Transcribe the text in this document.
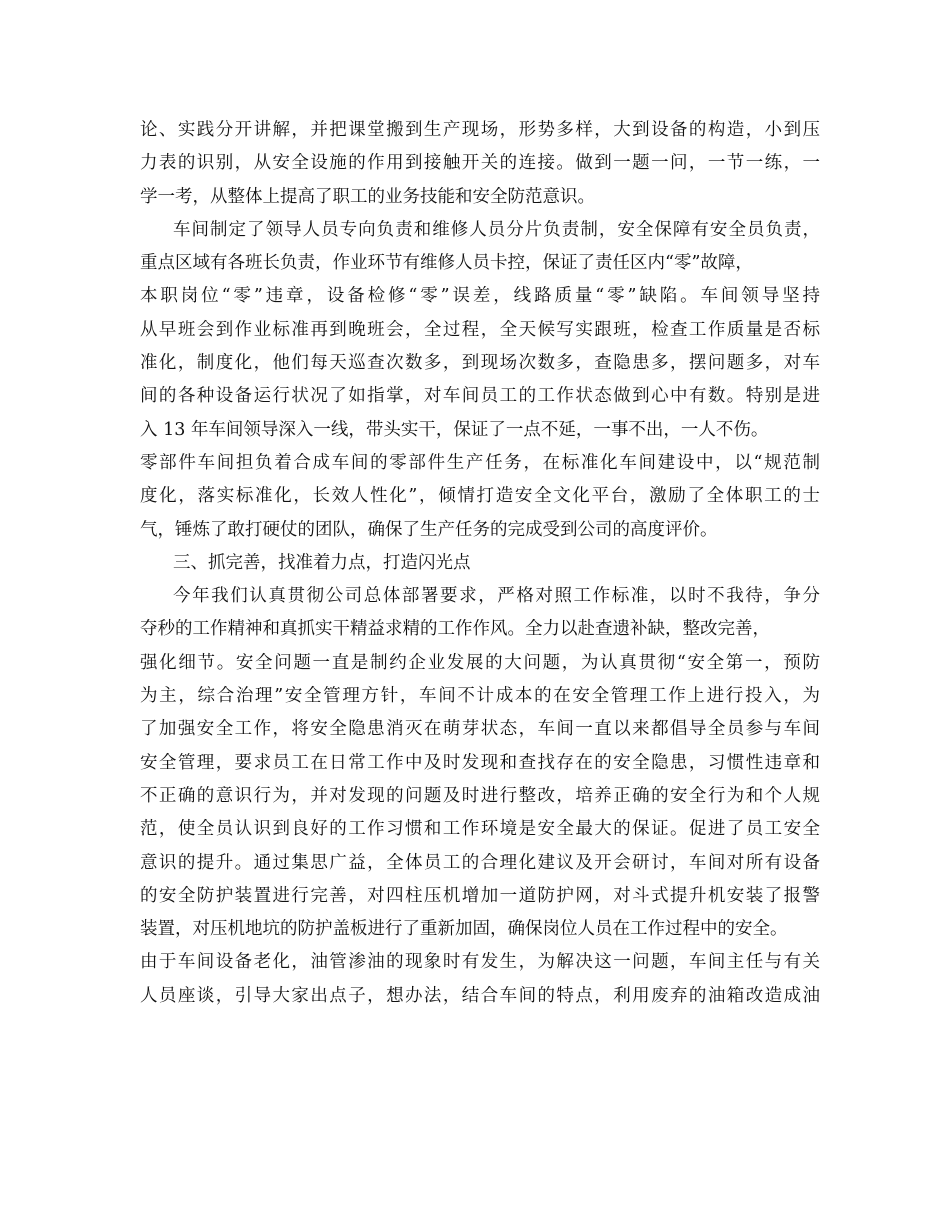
论、实践分开讲解，并把课堂搬到生产现场，形势多样，大到设备的构造，小到压
力表的识别，从安全设施的作用到接触开关的连接。做到一题一问，一节一练，一
学一考，从整体上提高了职工的业务技能和安全防范意识。
车间制定了领导人员专向负责和维修人员分片负责制，安全保障有安全员负责，
重点区域有各班长负责，作业环节有维修人员卡控，保证了责任区内“零”故障，
本职岗位“零”违章，设备检修“零”误差，线路质量“零”缺陷。车间领导坚持
从早班会到作业标准再到晚班会，全过程，全天候写实跟班，检查工作质量是否标
准化，制度化，他们每天巡查次数多，到现场次数多，查隐患多，摆问题多，对车
间的各种设备运行状况了如指掌，对车间员工的工作状态做到心中有数。特别是进
入 13 年车间领导深入一线，带头实干，保证了一点不延，一事不出，一人不伤。
零部件车间担负着合成车间的零部件生产任务，在标准化车间建设中，以“规范制
度化，落实标准化，长效人性化”，倾情打造安全文化平台，激励了全体职工的士
气，锤炼了敢打硬仗的团队，确保了生产任务的完成受到公司的高度评价。
三、抓完善，找准着力点，打造闪光点
今年我们认真贯彻公司总体部署要求，严格对照工作标准，以时不我待，争分
夺秒的工作精神和真抓实干精益求精的工作作风。全力以赴查遗补缺，整改完善，
强化细节。安全问题一直是制约企业发展的大问题，为认真贯彻“安全第一，预防
为主，综合治理”安全管理方针，车间不计成本的在安全管理工作上进行投入，为
了加强安全工作，将安全隐患消灭在萌芽状态，车间一直以来都倡导全员参与车间
安全管理，要求员工在日常工作中及时发现和查找存在的安全隐患，习惯性违章和
不正确的意识行为，并对发现的问题及时进行整改，培养正确的安全行为和个人规
范，使全员认识到良好的工作习惯和工作环境是安全最大的保证。促进了员工安全
意识的提升。通过集思广益，全体员工的合理化建议及开会研讨，车间对所有设备
的安全防护装置进行完善，对四柱压机增加一道防护网，对斗式提升机安装了报警
装置，对压机地坑的防护盖板进行了重新加固，确保岗位人员在工作过程中的安全。
由于车间设备老化，油管渗油的现象时有发生，为解决这一问题，车间主任与有关
人员座谈，引导大家出点子，想办法，结合车间的特点，利用废弃的油箱改造成油
